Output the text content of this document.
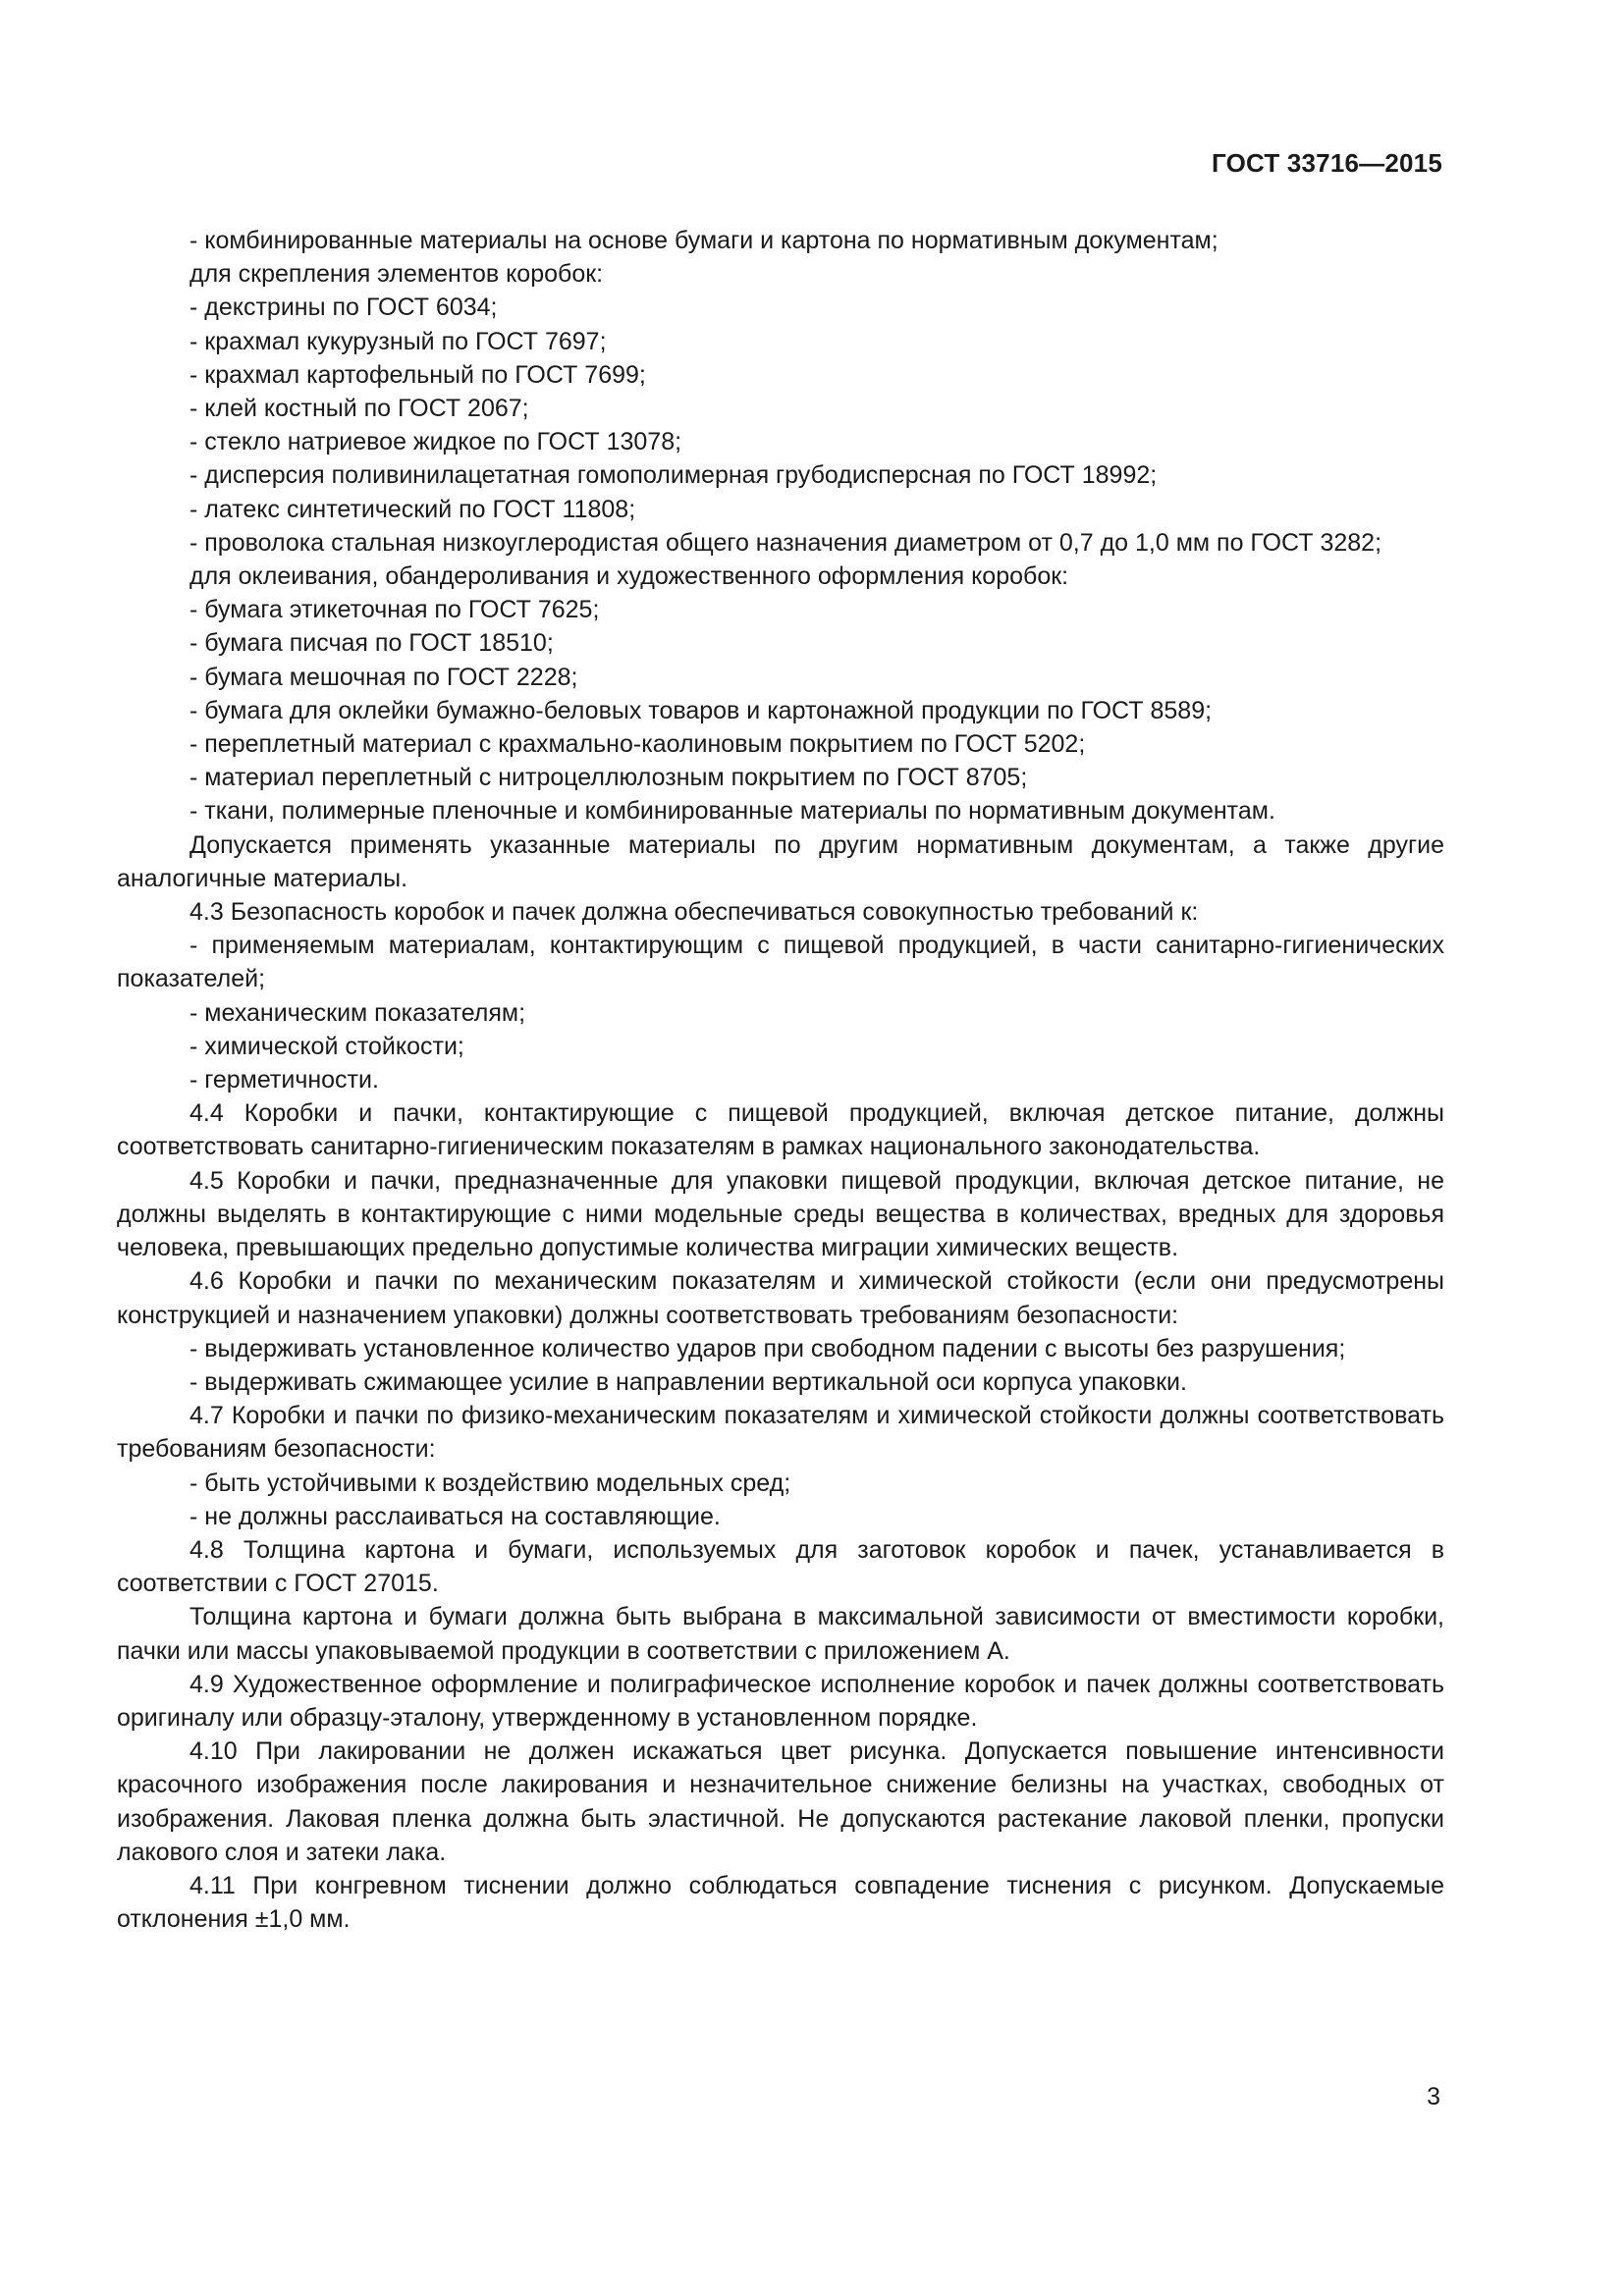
ГОСТ 33716—2015

- комбинированные материалы на основе бумаги и картона по нормативным документам;

для скрепления элементов коробок:

- декстрины по ГОСТ 6034;

- крахмал кукурузный по ГОСТ 7697;

- крахмал картофельный по ГОСТ 7699;

- клей костный по ГОСТ 2067;

- стекло натриевое жидкое по ГОСТ 13078;

- дисперсия поливинилацетатная гомополимерная грубодисперсная по ГОСТ 18992;

- латекс синтетический по ГОСТ 11808;

- проволока стальная низкоуглеродистая общего назначения диаметром от 0,7 до 1,0 мм по ГОСТ 3282;

для оклеивания, обандероливания и художественного оформления коробок:

- бумага этикеточная по ГОСТ 7625;

- бумага писчая по ГОСТ 18510;

- бумага мешочная по ГОСТ 2228;

- бумага для оклейки бумажно-беловых товаров и картонажной продукции по ГОСТ 8589;

- переплетный материал с крахмально-каолиновым покрытием по ГОСТ 5202;

- материал переплетный с нитроцеллюлозным покрытием по ГОСТ 8705;

- ткани, полимерные пленочные и комбинированные материалы по нормативным документам.

Допускается применять указанные материалы по другим нормативным документам, а также другие аналогичные материалы.

4.3 Безопасность коробок и пачек должна обеспечиваться совокупностью требований к:

- применяемым материалам, контактирующим с пищевой продукцией, в части санитарно-гигиенических показателей;

- механическим показателям;

- химической стойкости;

- герметичности.

4.4 Коробки и пачки, контактирующие с пищевой продукцией, включая детское питание, должны соответствовать санитарно-гигиеническим показателям в рамках национального законодательства.

4.5 Коробки и пачки, предназначенные для упаковки пищевой продукции, включая детское питание, не должны выделять в контактирующие с ними модельные среды вещества в количествах, вредных для здоровья человека, превышающих предельно допустимые количества миграции химических веществ.

4.6 Коробки и пачки по механическим показателям и химической стойкости (если они предусмотрены конструкцией и назначением упаковки) должны соответствовать требованиям безопасности:

- выдерживать установленное количество ударов при свободном падении с высоты без разрушения;

- выдерживать сжимающее усилие в направлении вертикальной оси корпуса упаковки.

4.7 Коробки и пачки по физико-механическим показателям и химической стойкости должны соответствовать требованиям безопасности:

- быть устойчивыми к воздействию модельных сред;

- не должны расслаиваться на составляющие.

4.8 Толщина картона и бумаги, используемых для заготовок коробок и пачек, устанавливается в соответствии с ГОСТ 27015.

Толщина картона и бумаги должна быть выбрана в максимальной зависимости от вместимости коробки, пачки или массы упаковываемой продукции в соответствии с приложением А.

4.9 Художественное оформление и полиграфическое исполнение коробок и пачек должны соответствовать оригиналу или образцу-эталону, утвержденному в установленном порядке.

4.10 При лакировании не должен искажаться цвет рисунка. Допускается повышение интенсивности красочного изображения после лакирования и незначительное снижение белизны на участках, свободных от изображения. Лаковая пленка должна быть эластичной. Не допускаются растекание лаковой пленки, пропуски лакового слоя и затеки лака.

4.11 При конгревном тиснении должно соблюдаться совпадение тиснения с рисунком. Допускаемые отклонения ±1,0 мм.

3
